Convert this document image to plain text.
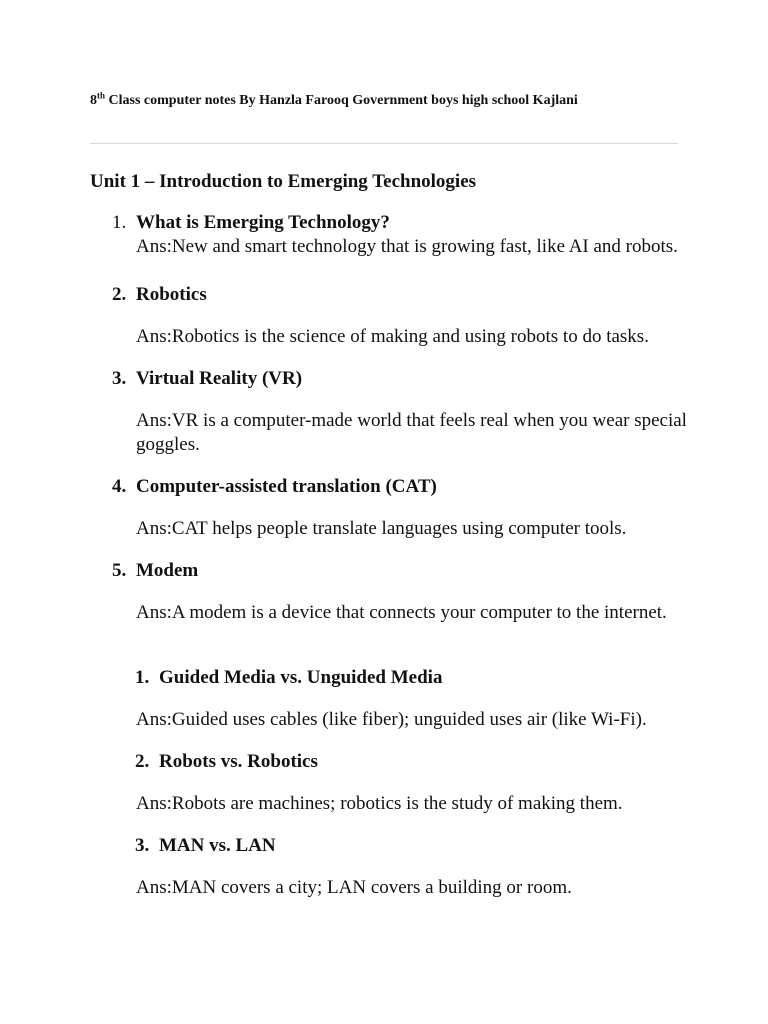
8th Class computer notes By Hanzla Farooq Government boys high school Kajlani
Unit 1 – Introduction to Emerging Technologies
1. What is Emerging Technology?
Ans:New and smart technology that is growing fast, like AI and robots.
2. Robotics
Ans:Robotics is the science of making and using robots to do tasks.
3. Virtual Reality (VR)
Ans:VR is a computer-made world that feels real when you wear special goggles.
4. Computer-assisted translation (CAT)
Ans:CAT helps people translate languages using computer tools.
5. Modem
Ans:A modem is a device that connects your computer to the internet.
1. Guided Media vs. Unguided Media
Ans:Guided uses cables (like fiber); unguided uses air (like Wi-Fi).
2. Robots vs. Robotics
Ans:Robots are machines; robotics is the study of making them.
3. MAN vs. LAN
Ans:MAN covers a city; LAN covers a building or room.
